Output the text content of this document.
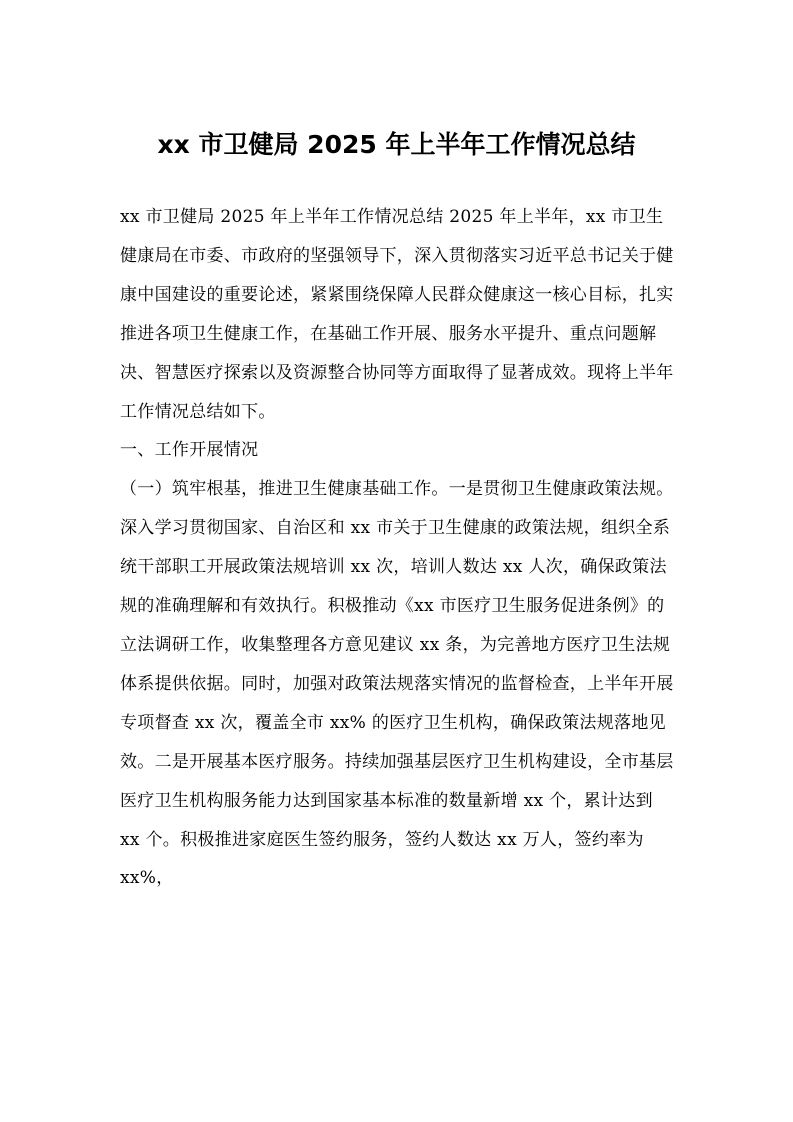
xx 市卫健局 2025 年上半年工作情况总结

xx 市卫健局 2025 年上半年工作情况总结 2025 年上半年，xx 市卫生健康局在市委、市政府的坚强领导下，深入贯彻落实习近平总书记关于健康中国建设的重要论述，紧紧围绕保障人民群众健康这一核心目标，扎实推进各项卫生健康工作，在基础工作开展、服务水平提升、重点问题解决、智慧医疗探索以及资源整合协同等方面取得了显著成效。现将上半年工作情况总结如下。

一、工作开展情况

（一）筑牢根基，推进卫生健康基础工作。一是贯彻卫生健康政策法规。深入学习贯彻国家、自治区和 xx 市关于卫生健康的政策法规，组织全系统干部职工开展政策法规培训 xx 次，培训人数达 xx 人次，确保政策法规的准确理解和有效执行。积极推动《xx 市医疗卫生服务促进条例》的立法调研工作，收集整理各方意见建议 xx 条，为完善地方医疗卫生法规体系提供依据。同时，加强对政策法规落实情况的监督检查，上半年开展专项督查 xx 次，覆盖全市 xx% 的医疗卫生机构，确保政策法规落地见效。二是开展基本医疗服务。持续加强基层医疗卫生机构建设，全市基层医疗卫生机构服务能力达到国家基本标准的数量新增 xx 个，累计达到 xx 个。积极推进家庭医生签约服务，签约人数达 xx 万人，签约率为 xx%，
